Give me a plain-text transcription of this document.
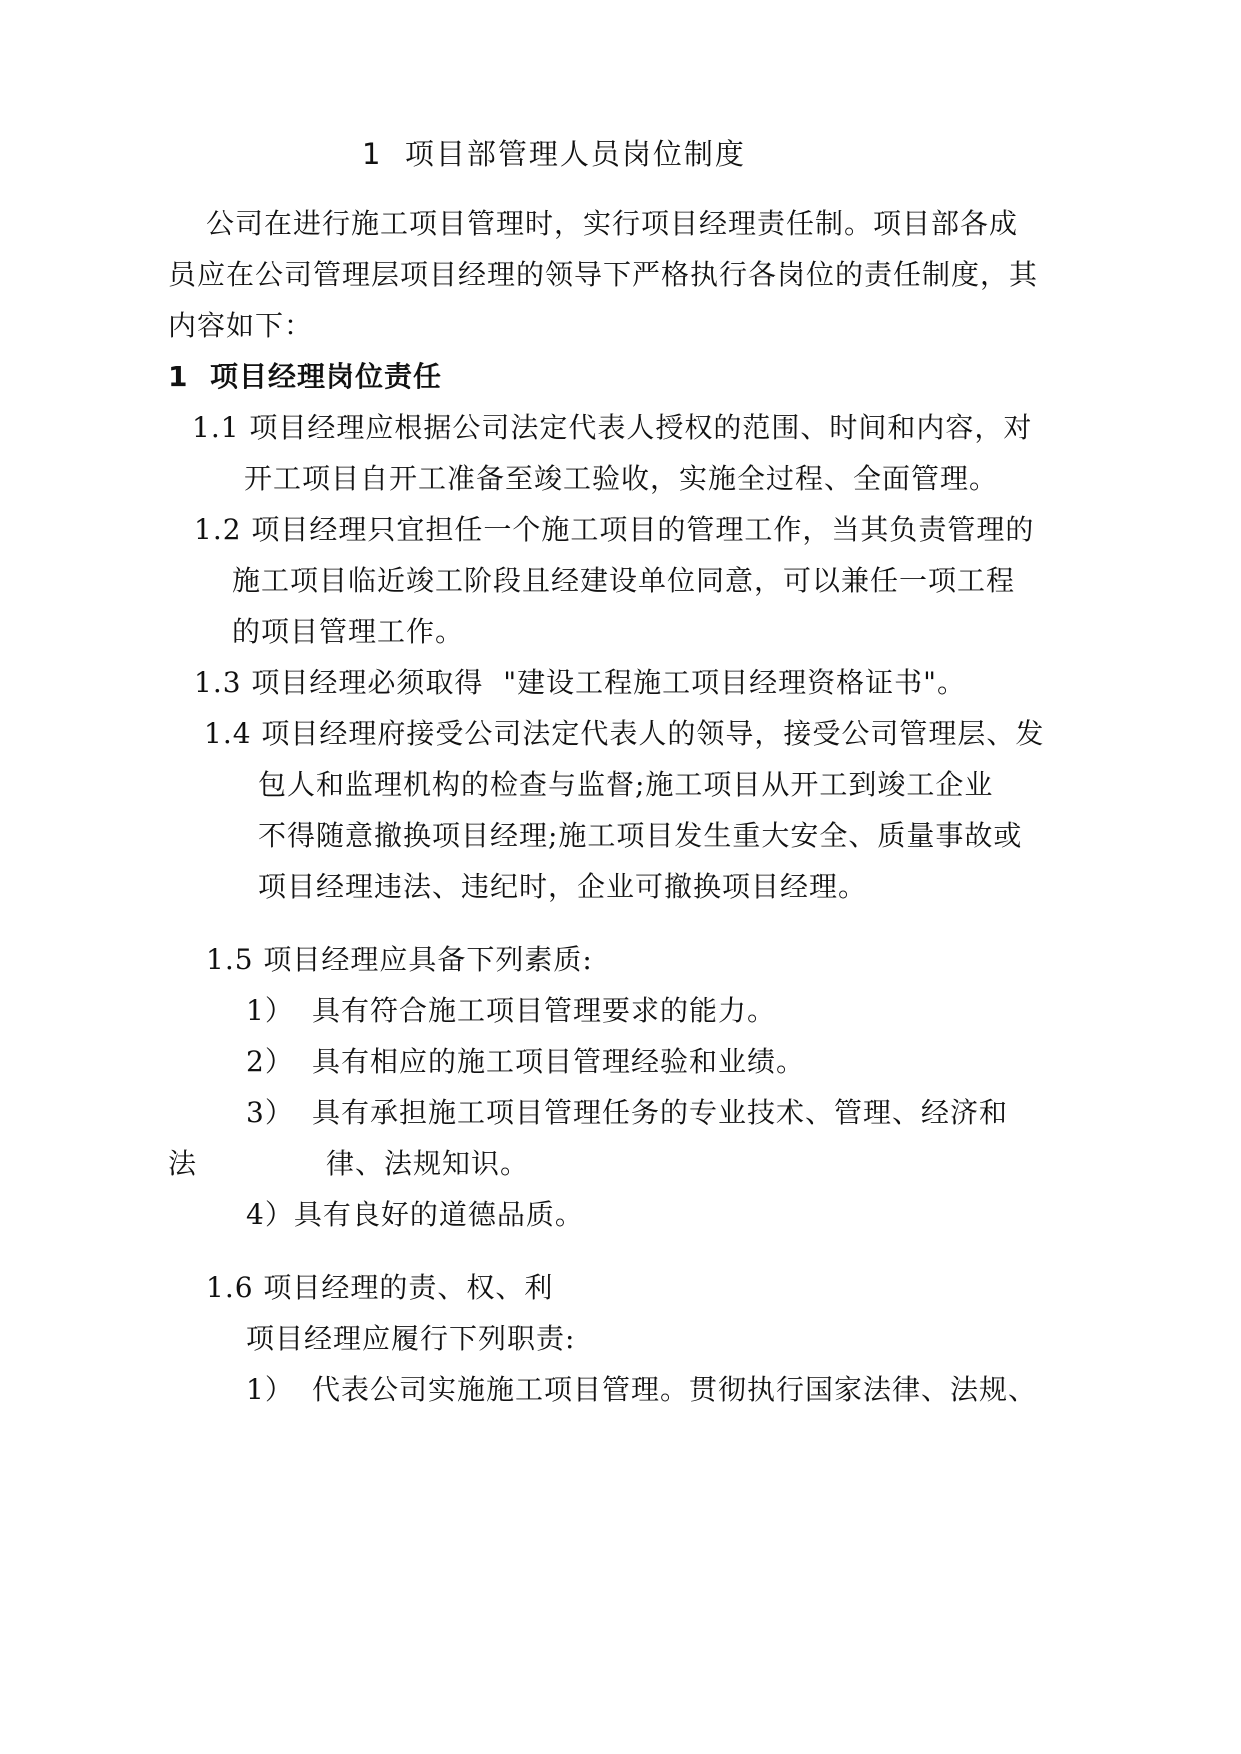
1  项目部管理人员岗位制度
公司在进行施工项目管理时，实行项目经理责任制。项目部各成
员应在公司管理层项目经理的领导下严格执行各岗位的责任制度，其
内容如下：
1  项目经理岗位责任
1.1 项目经理应根据公司法定代表人授权的范围、时间和内容，对
开工项目自开工准备至竣工验收，实施全过程、全面管理。
1.2 项目经理只宜担任一个施工项目的管理工作，当其负责管理的
施工项目临近竣工阶段且经建设单位同意，可以兼任一项工程
的项目管理工作。
1.3 项目经理必须取得  "建设工程施工项目经理资格证书"。
1.4 项目经理府接受公司法定代表人的领导，接受公司管理层、发
包人和监理机构的检查与监督;施工项目从开工到竣工企业
不得随意撤换项目经理;施工项目发生重大安全、质量事故或
项目经理违法、违纪时，企业可撤换项目经理。
1.5 项目经理应具备下列素质:
1） 具有符合施工项目管理要求的能力。
2） 具有相应的施工项目管理经验和业绩。
3） 具有承担施工项目管理任务的专业技术、管理、经济和
法	律、法规知识。
4）具有良好的道德品质。
1.6 项目经理的责、权、利
项目经理应履行下列职责:
1） 代表公司实施施工项目管理。贯彻执行国家法律、法规、
